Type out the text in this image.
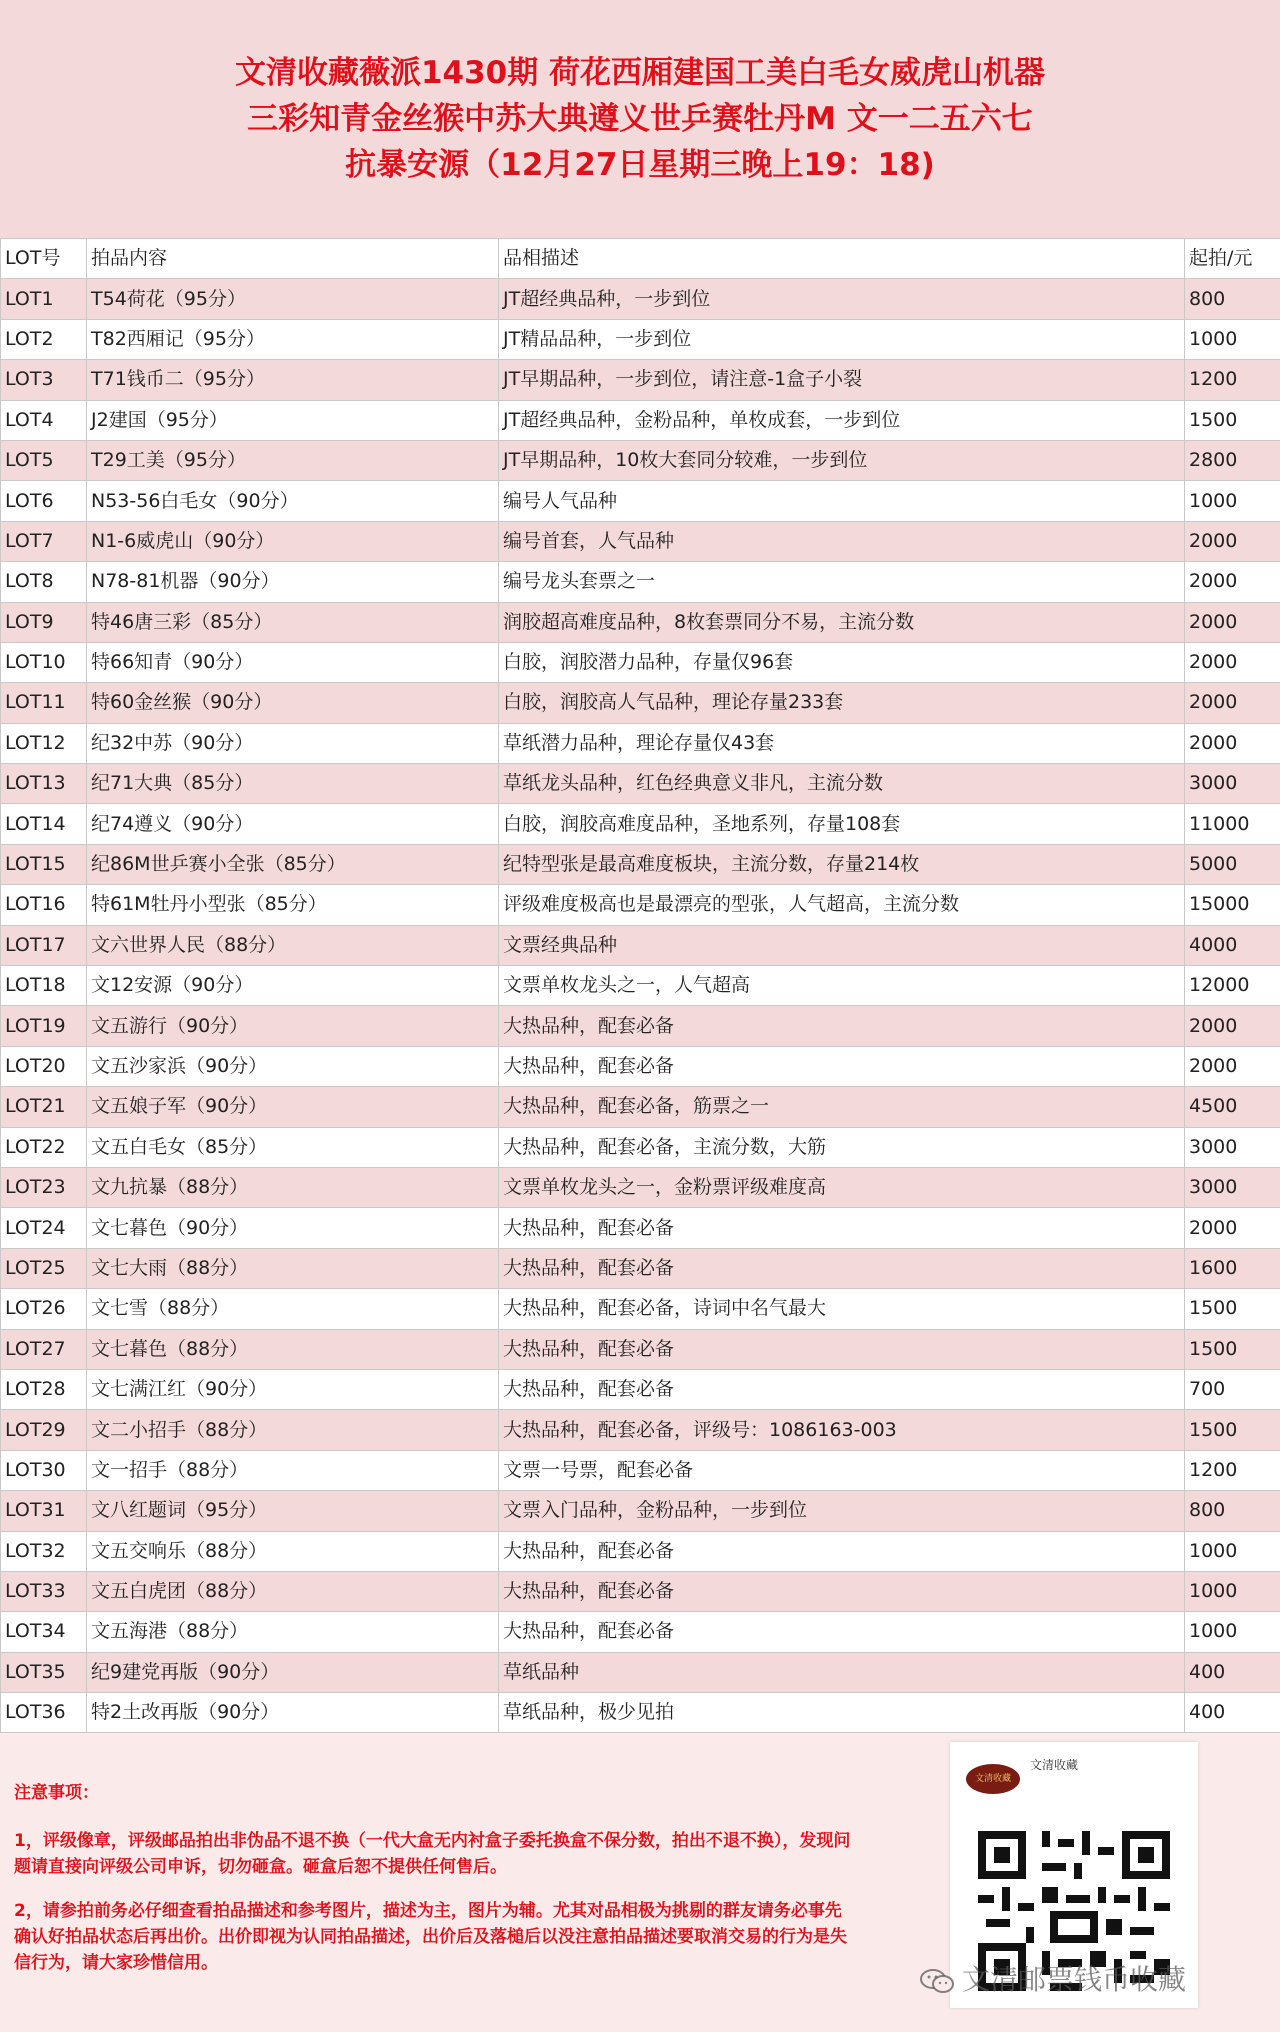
文清收藏薇派1430期 荷花西厢建国工美白毛女威虎山机器
三彩知青金丝猴中苏大典遵义世乒赛牡丹M 文一二五六七
抗暴安源（12月27日星期三晚上19：18)
LOT号	拍品内容	品相描述	起拍/元
LOT1	T54荷花（95分）	JT超经典品种，一步到位	800
LOT2	T82西厢记（95分）	JT精品品种，一步到位	1000
LOT3	T71钱币二（95分）	JT早期品种，一步到位，请注意-1盒子小裂	1200
LOT4	J2建国（95分）	JT超经典品种，金粉品种，单枚成套，一步到位	1500
LOT5	T29工美（95分）	JT早期品种，10枚大套同分较难，一步到位	2800
LOT6	N53-56白毛女（90分）	编号人气品种	1000
LOT7	N1-6威虎山（90分）	编号首套，人气品种	2000
LOT8	N78-81机器（90分）	编号龙头套票之一	2000
LOT9	特46唐三彩（85分）	润胶超高难度品种，8枚套票同分不易，主流分数	2000
LOT10	特66知青（90分）	白胶，润胶潜力品种，存量仅96套	2000
LOT11	特60金丝猴（90分）	白胶，润胶高人气品种，理论存量233套	2000
LOT12	纪32中苏（90分）	草纸潜力品种，理论存量仅43套	2000
LOT13	纪71大典（85分）	草纸龙头品种，红色经典意义非凡，主流分数	3000
LOT14	纪74遵义（90分）	白胶，润胶高难度品种，圣地系列，存量108套	11000
LOT15	纪86M世乒赛小全张（85分）	纪特型张是最高难度板块，主流分数，存量214枚	5000
LOT16	特61M牡丹小型张（85分）	评级难度极高也是最漂亮的型张，人气超高，主流分数	15000
LOT17	文六世界人民（88分）	文票经典品种	4000
LOT18	文12安源（90分）	文票单枚龙头之一，人气超高	12000
LOT19	文五游行（90分）	大热品种，配套必备	2000
LOT20	文五沙家浜（90分）	大热品种，配套必备	2000
LOT21	文五娘子军（90分）	大热品种，配套必备，筋票之一	4500
LOT22	文五白毛女（85分）	大热品种，配套必备，主流分数，大筋	3000
LOT23	文九抗暴（88分）	文票单枚龙头之一，金粉票评级难度高	3000
LOT24	文七暮色（90分）	大热品种，配套必备	2000
LOT25	文七大雨（88分）	大热品种，配套必备	1600
LOT26	文七雪（88分）	大热品种，配套必备，诗词中名气最大	1500
LOT27	文七暮色（88分）	大热品种，配套必备	1500
LOT28	文七满江红（90分）	大热品种，配套必备	700
LOT29	文二小招手（88分）	大热品种，配套必备，评级号：1086163-003	1500
LOT30	文一招手（88分）	文票一号票，配套必备	1200
LOT31	文八红题词（95分）	文票入门品种，金粉品种，一步到位	800
LOT32	文五交响乐（88分）	大热品种，配套必备	1000
LOT33	文五白虎团（88分）	大热品种，配套必备	1000
LOT34	文五海港（88分）	大热品种，配套必备	1000
LOT35	纪9建党再版（90分）	草纸品种	400
LOT36	特2土改再版（90分）	草纸品种，极少见拍	400

注意事项：

1，评级像章，评级邮品拍出非伪品不退不换（一代大盒无内衬盒子委托换盒不保分数，拍出不退不换），发现问题请直接向评级公司申诉，切勿砸盒。砸盒后恕不提供任何售后。

2，请参拍前务必仔细查看拍品描述和参考图片，描述为主，图片为辅。尤其对品相极为挑剔的群友请务必事先确认好拍品状态后再出价。出价即视为认同拍品描述，出价后及落槌后以没注意拍品描述要取消交易的行为是失信行为，请大家珍惜信用。

文清收藏
文清收藏
文清邮票钱币收藏
